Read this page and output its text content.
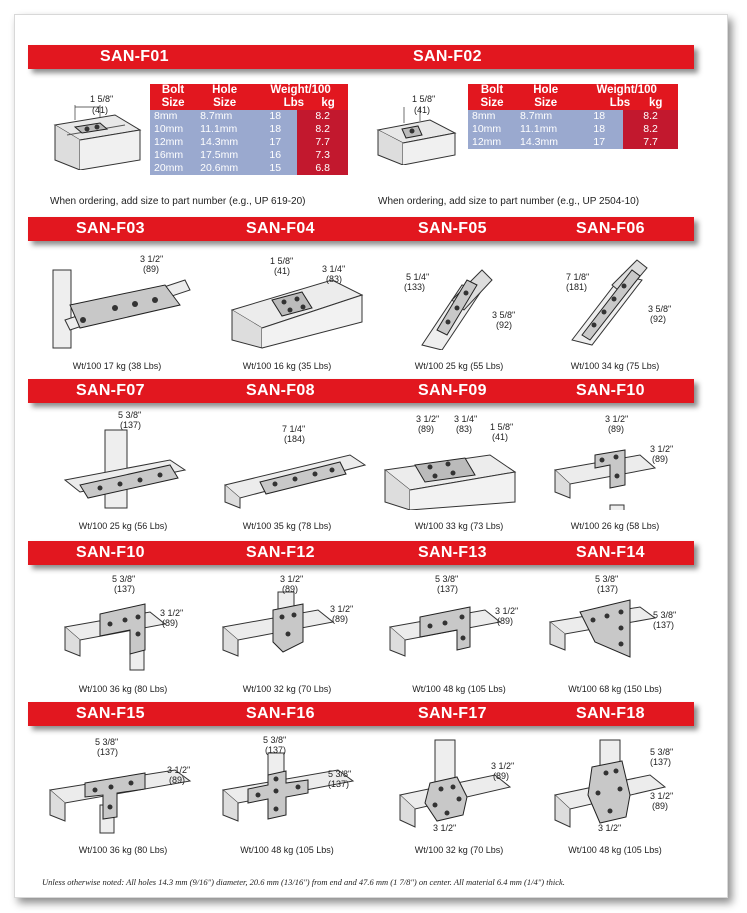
SAN-F01	SAN-F02
1 5/8"
(41)
Bolt
Size	Hole
Size	Weight/100
Lbs kg	
8mm	8.7mm	18	8.2
10mm	11.1mm	18	8.2
12mm	14.3mm	17	7.7
16mm	17.5mm	16	7.3
20mm	20.6mm	15	6.8
1 5/8"
(41)
Bolt
Size	Hole
Size	Weight/100
Lbs kg	
8mm	8.7mm	18	8.2
10mm	11.1mm	18	8.2
12mm	14.3mm	17	7.7
When ordering, add size to part number (e.g., UP 619-20)	When ordering, add size to part number (e.g., UP 2504-10)
SAN-F03	SAN-F04	SAN-F05	SAN-F06
SAN-F07	SAN-F08	SAN-F09	SAN-F10
SAN-F10	SAN-F12	SAN-F13	SAN-F14
SAN-F15	SAN-F16	SAN-F17	SAN-F18
3 1/2"
(89)
1 5/8"
(41)	3 1/4"
(83)	5 1/4"
(133)
3 5/8"
(92)
7 1/8"
(181)
3 5/8"
(92)
5 3/8"
(137)	7 1/4"
(184)
3 1/2"
(89)
3 1/4"
(83) 1 5/8"
(41)
3 1/2"
(89)
3 1/2"
(89)
5 3/8"
(137)
3 1/2"
(89)
3 1/2"
(89)
3 1/2"
(89)
5 3/8"
(137)
3 1/2"
(89)
5 3/8"
(137)
5 3/8"
(137)
5 3/8"
(137)
3 1/2"
(89)
5 3/8"
(137)
5 3/8"
(137)
3 1/2"
(89)
3 1/2"
5 3/8"
(137)
3 1/2"
(89)
3 1/2"
Wt/100 17 kg (38 Lbs)	Wt/100 16 kg (35 Lbs)	Wt/100 25 kg (55 Lbs)	Wt/100 34 kg (75 Lbs)
Wt/100 25 kg (56 Lbs)	Wt/100 35 kg (78 Lbs)	Wt/100 33 kg (73 Lbs)	Wt/100 26 kg (58 Lbs)
Wt/100 36 kg (80 Lbs)	Wt/100 32 kg (70 Lbs)	Wt/100 48 kg (105 Lbs)	Wt/100 68 kg (150 Lbs)
Wt/100 36 kg (80 Lbs)	Wt/100 48 kg (105 Lbs)	Wt/100 32 kg (70 Lbs)	Wt/100 48 kg (105 Lbs)
Unless otherwise noted: All holes 14.3 mm (9/16") diameter, 20.6 mm (13/16") from end and 47.6 mm (1 7/8") on center. All material 6.4 mm (1/4") thick.
